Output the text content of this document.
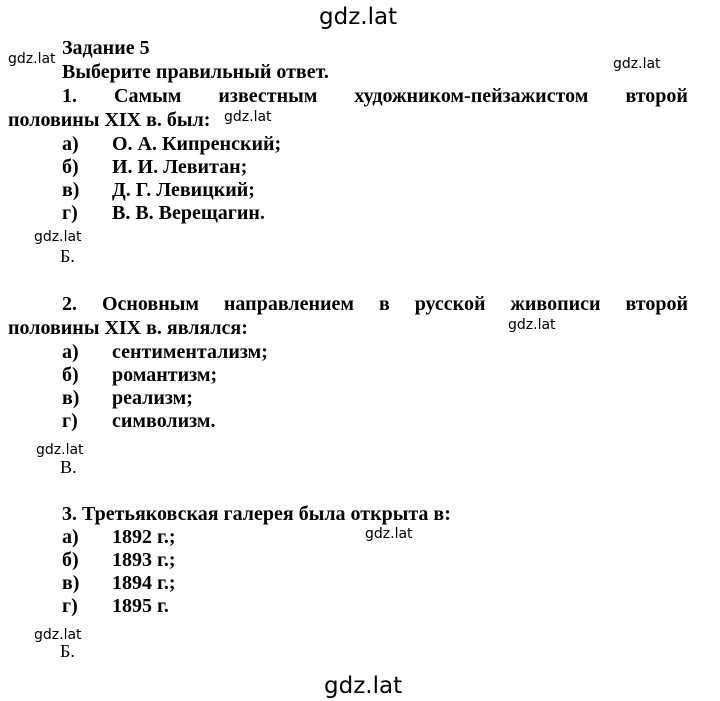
gdz.lat
gdz.lat	gdz.lat
gdz.lat
gdz.lat
gdz.lat
gdz.lat
gdz.lat
gdz.lat
gdz.lat
Задание 5
Выберите правильный ответ.
1. Самым известным художником-пейзажистом второй
половины XIX в. был:
а) О. А. Кипренский;
б) И. И. Левитан;
в) Д. Г. Левицкий;
г) В. В. Верещагин.
Б.
2. Основным направлением в русской живописи второй
половины XIX в. являлся:
а) сентиментализм;
б) романтизм;
в) реализм;
г) символизм.
В.
3. Третьяковская галерея была открыта в:
а) 1892 г.;
б) 1893 г.;
в) 1894 г.;
г) 1895 г.
Б.
